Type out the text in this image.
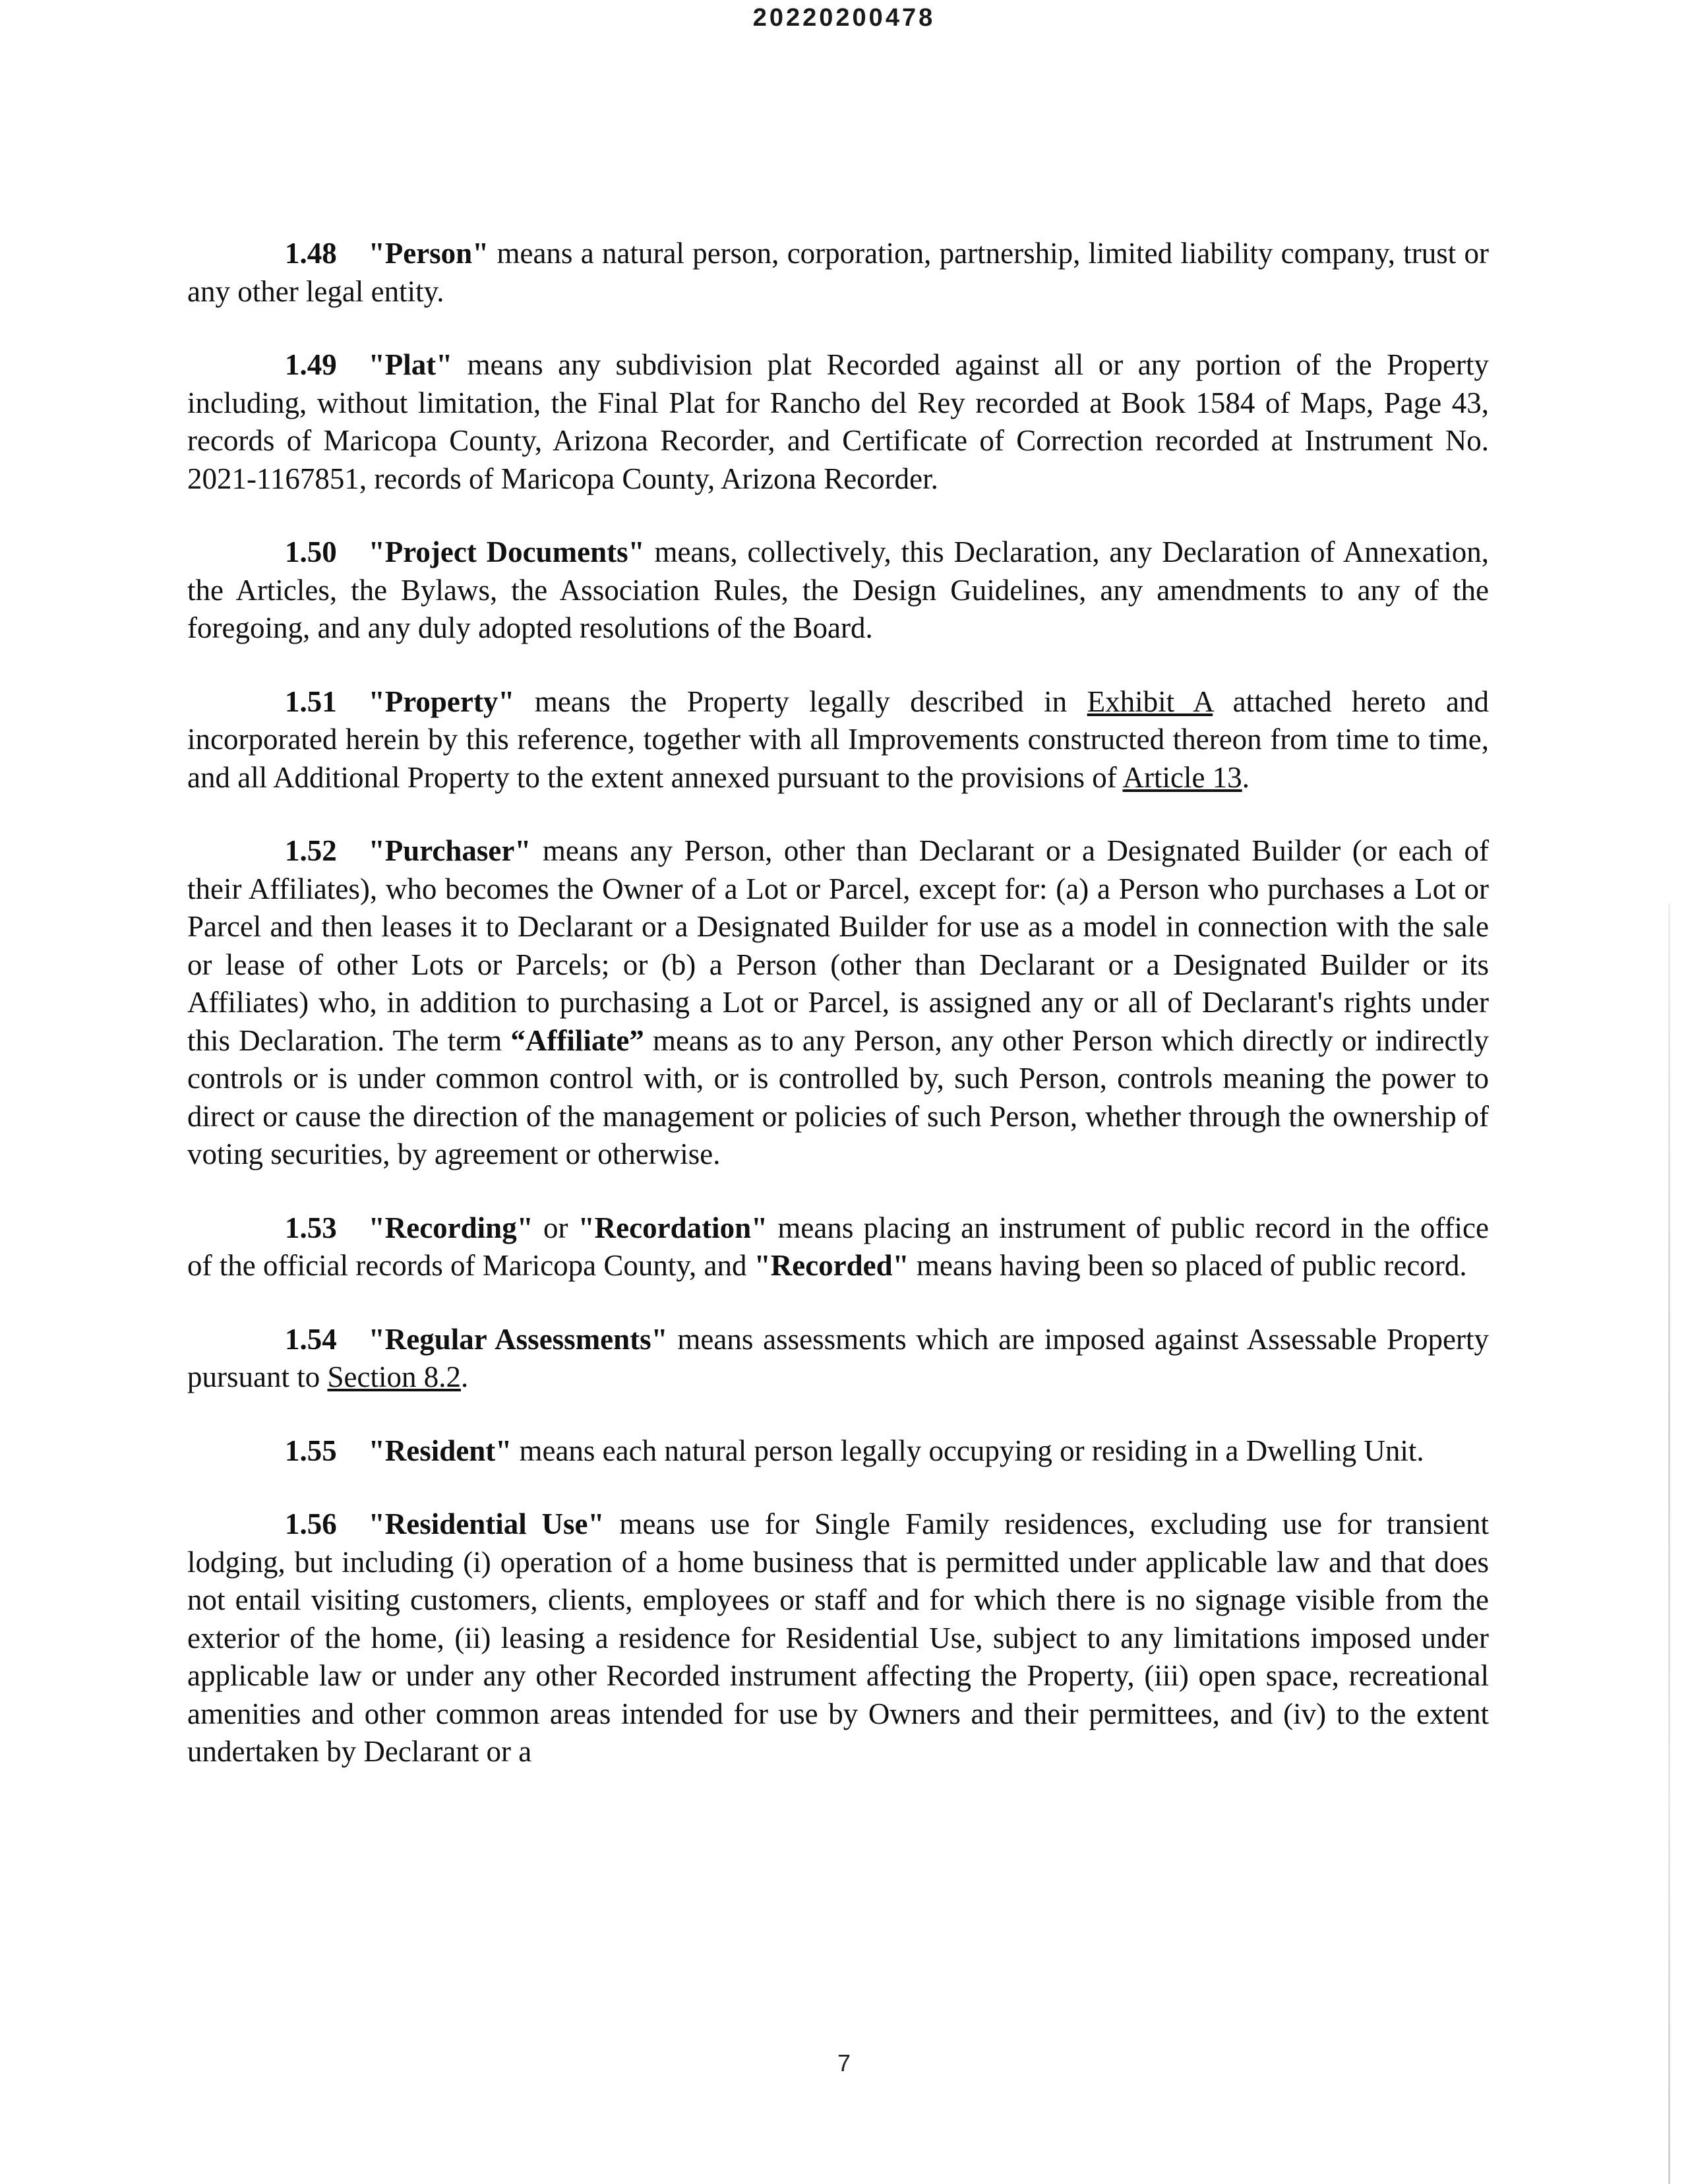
20220200478

1.48 "Person" means a natural person, corporation, partnership, limited liability company, trust or any other legal entity.

1.49 "Plat" means any subdivision plat Recorded against all or any portion of the Property including, without limitation, the Final Plat for Rancho del Rey recorded at Book 1584 of Maps, Page 43, records of Maricopa County, Arizona Recorder, and Certificate of Correction recorded at Instrument No. 2021-1167851, records of Maricopa County, Arizona Recorder.

1.50 "Project Documents" means, collectively, this Declaration, any Declaration of Annexation, the Articles, the Bylaws, the Association Rules, the Design Guidelines, any amendments to any of the foregoing, and any duly adopted resolutions of the Board.

1.51 "Property" means the Property legally described in Exhibit A attached hereto and incorporated herein by this reference, together with all Improvements constructed thereon from time to time, and all Additional Property to the extent annexed pursuant to the provisions of Article 13.

1.52 "Purchaser" means any Person, other than Declarant or a Designated Builder (or each of their Affiliates), who becomes the Owner of a Lot or Parcel, except for: (a) a Person who purchases a Lot or Parcel and then leases it to Declarant or a Designated Builder for use as a model in connection with the sale or lease of other Lots or Parcels; or (b) a Person (other than Declarant or a Designated Builder or its Affiliates) who, in addition to purchasing a Lot or Parcel, is assigned any or all of Declarant's rights under this Declaration. The term “Affiliate” means as to any Person, any other Person which directly or indirectly controls or is under common control with, or is controlled by, such Person, controls meaning the power to direct or cause the direction of the management or policies of such Person, whether through the ownership of voting securities, by agreement or otherwise.

1.53 "Recording" or "Recordation" means placing an instrument of public record in the office of the official records of Maricopa County, and "Recorded" means having been so placed of public record.

1.54 "Regular Assessments" means assessments which are imposed against Assessable Property pursuant to Section 8.2.

1.55 "Resident" means each natural person legally occupying or residing in a Dwelling Unit.

1.56 "Residential Use" means use for Single Family residences, excluding use for transient lodging, but including (i) operation of a home business that is permitted under applicable law and that does not entail visiting customers, clients, employees or staff and for which there is no signage visible from the exterior of the home, (ii) leasing a residence for Residential Use, subject to any limitations imposed under applicable law or under any other Recorded instrument affecting the Property, (iii) open space, recreational amenities and other common areas intended for use by Owners and their permittees, and (iv) to the extent undertaken by Declarant or a

7
